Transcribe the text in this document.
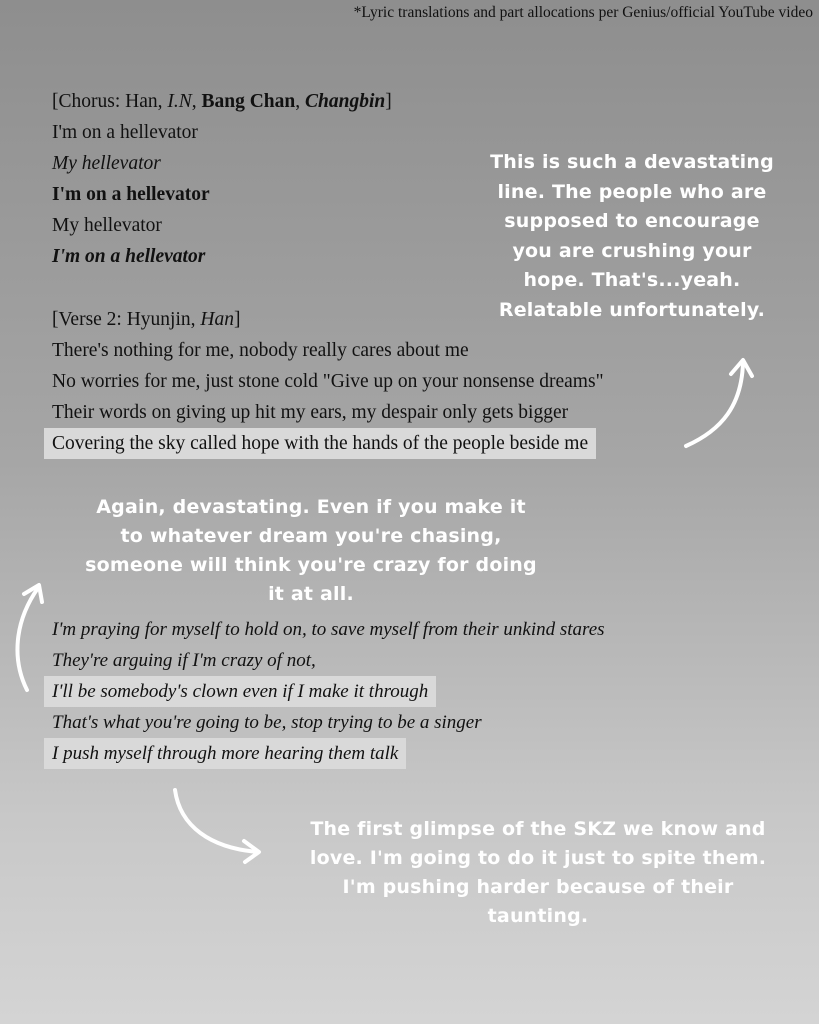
*Lyric translations and part allocations per Genius/official YouTube video
[Chorus: Han, I.N, Bang Chan, Changbin]
I'm on a hellevator
My hellevator
I'm on a hellevator
My hellevator
I'm on a hellevator
[Verse 2: Hyunjin, Han]
There's nothing for me, nobody really cares about me
No worries for me, just stone cold "Give up on your nonsense dreams"
Their words on giving up hit my ears, my despair only gets bigger
Covering the sky called hope with the hands of the people beside me
I'm praying for myself to hold on, to save myself from their unkind stares
They're arguing if I'm crazy of not,
I'll be somebody's clown even if I make it through
That's what you're going to be, stop trying to be a singer
I push myself through more hearing them talk
This is such a devastating
line. The people who are
supposed to encourage
you are crushing your
hope. That's...yeah.
Relatable unfortunately.
Again, devastating. Even if you make it
to whatever dream you're chasing,
someone will think you're crazy for doing
it at all.
The first glimpse of the SKZ we know and
love. I'm going to do it just to spite them.
I'm pushing harder because of their
taunting.
